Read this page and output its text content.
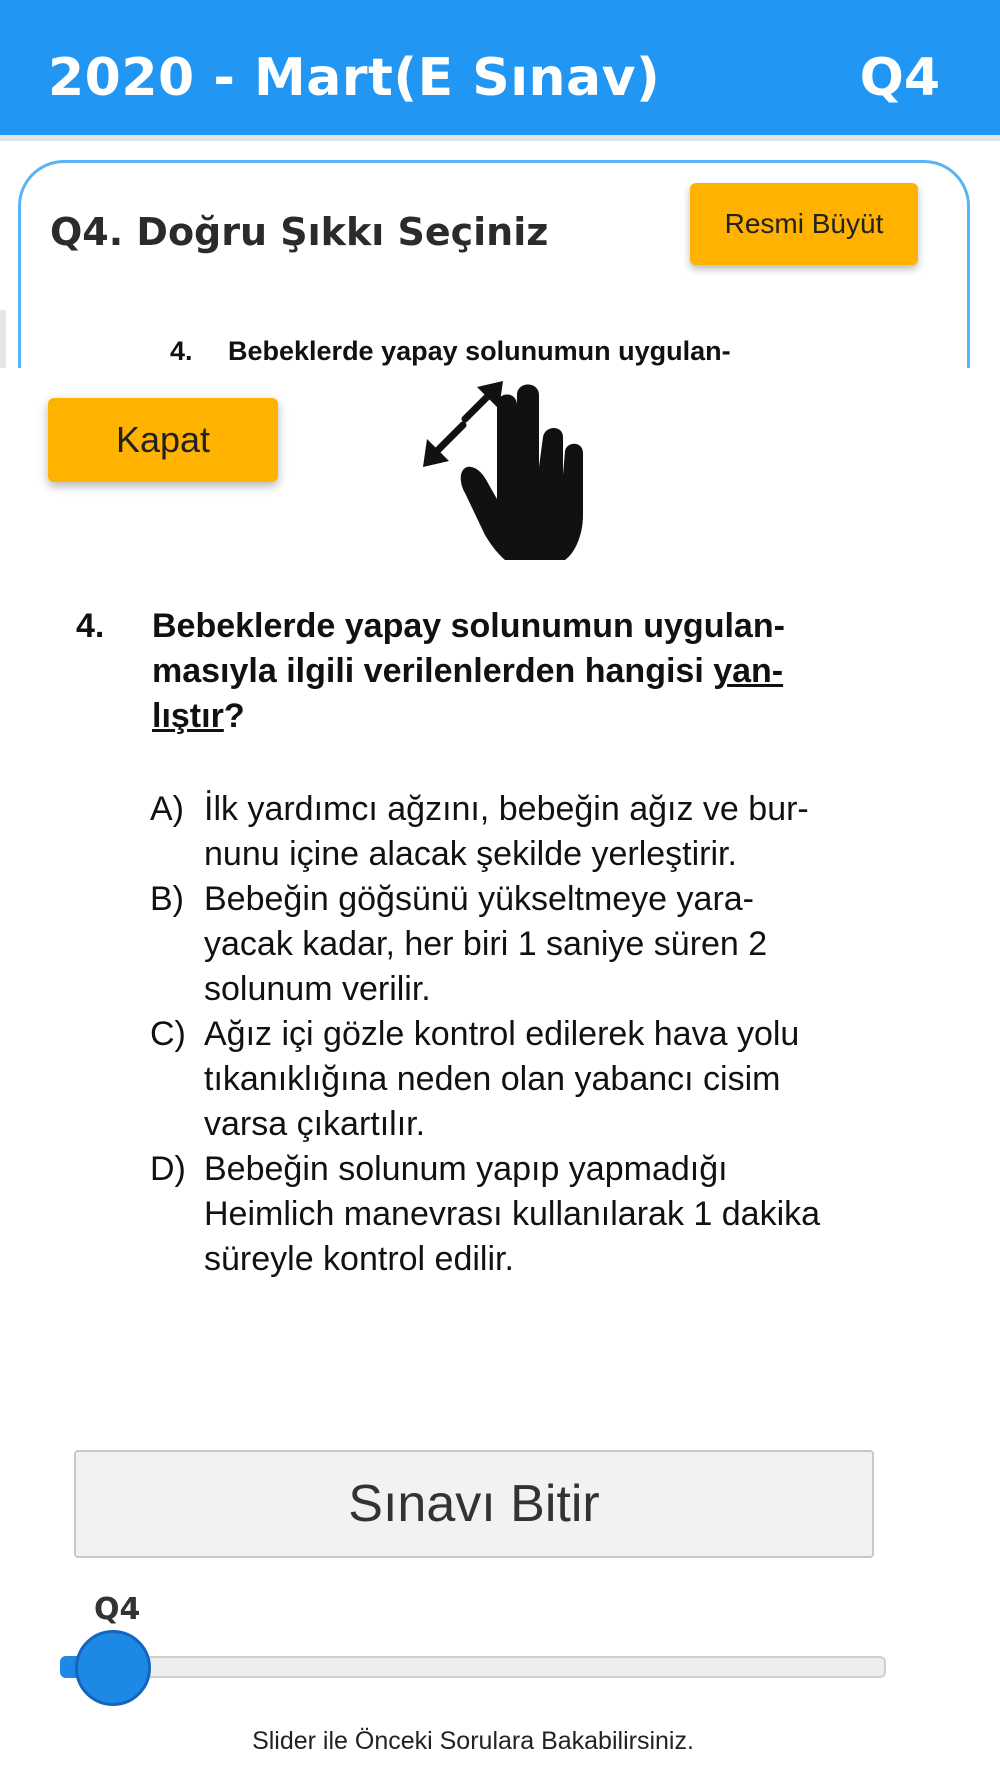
2020 - Mart(E Sınav)	Q4
Q4. Doğru Şıkkı Seçiniz	Resmi Büyüt
4. Bebeklerde yapay solunumun uygulan-
Kapat
4. Bebeklerde yapay solunumun uygulan-
masıyla ilgili verilenlerden hangisi yan-
lıştır?
A) İlk yardımcı ağzını, bebeğin ağız ve bur-
nunu içine alacak şekilde yerleştirir.
B) Bebeğin göğsünü yükseltmeye yara-
yacak kadar, her biri 1 saniye süren 2
solunum verilir.
C) Ağız içi gözle kontrol edilerek hava yolu
tıkanıklığına neden olan yabancı cisim
varsa çıkartılır.
D) Bebeğin solunum yapıp yapmadığı
Heimlich manevrası kullanılarak 1 dakika
süreyle kontrol edilir.
Sınavı Bitir
Q4
Slider ile Önceki Sorulara Bakabilirsiniz.
